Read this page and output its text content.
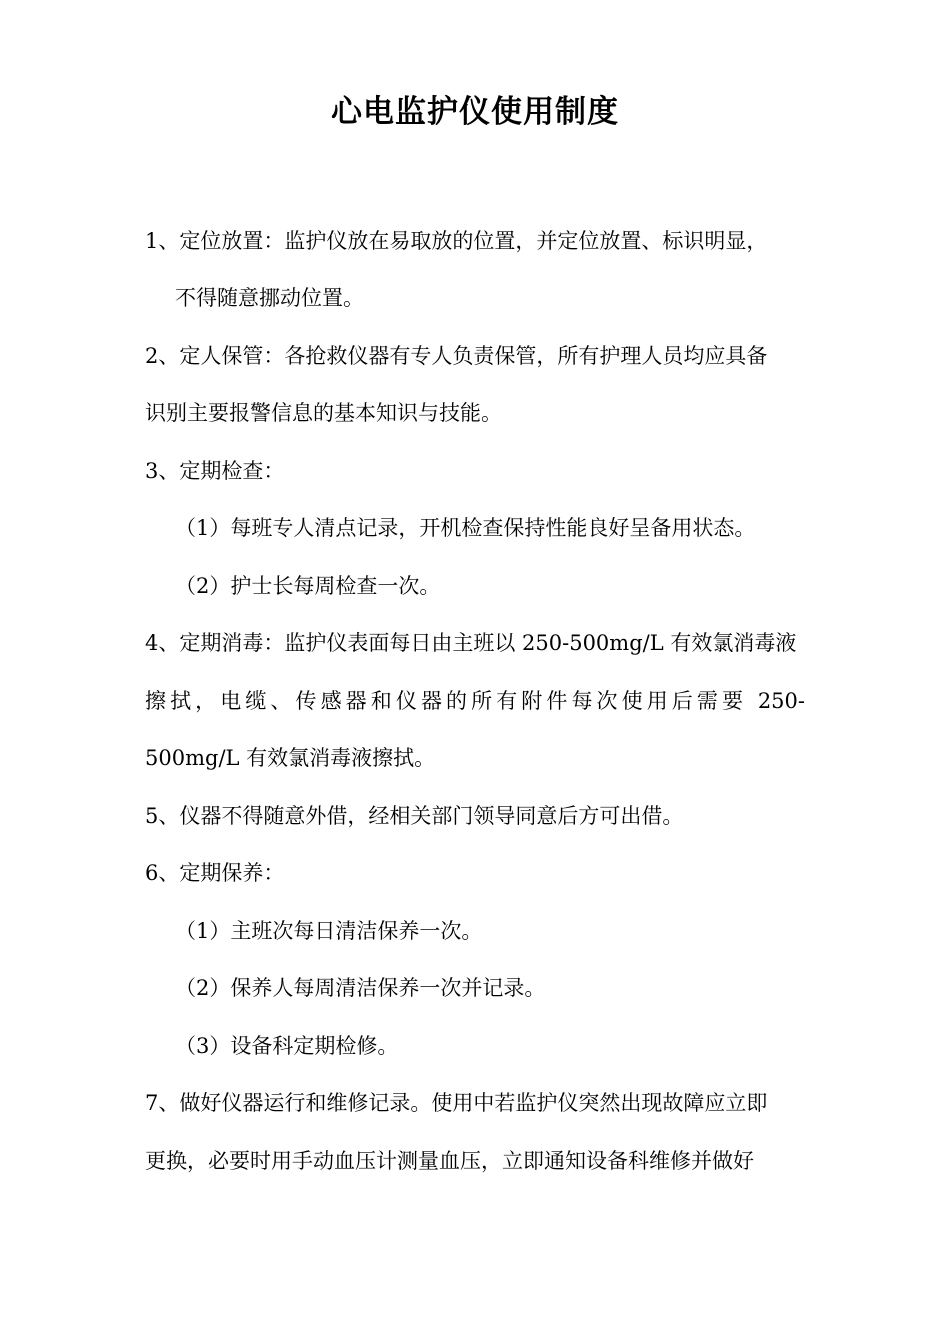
心电监护仪使用制度
1、定位放置：监护仪放在易取放的位置，并定位放置、标识明显，
不得随意挪动位置。
2、定人保管：各抢救仪器有专人负责保管，所有护理人员均应具备
识别主要报警信息的基本知识与技能。
3、定期检查：
（1）每班专人清点记录，开机检查保持性能良好呈备用状态。
（2）护士长每周检查一次。
4、定期消毒：监护仪表面每日由主班以 250-500mg/L 有效氯消毒液
擦拭，电缆、传感器和仪器的所有附件每次使用后需要 250-
500mg/L 有效氯消毒液擦拭。
5、仪器不得随意外借，经相关部门领导同意后方可出借。
6、定期保养：
（1）主班次每日清洁保养一次。
（2）保养人每周清洁保养一次并记录。
（3）设备科定期检修。
7、做好仪器运行和维修记录。使用中若监护仪突然出现故障应立即
更换，必要时用手动血压计测量血压，立即通知设备科维修并做好
